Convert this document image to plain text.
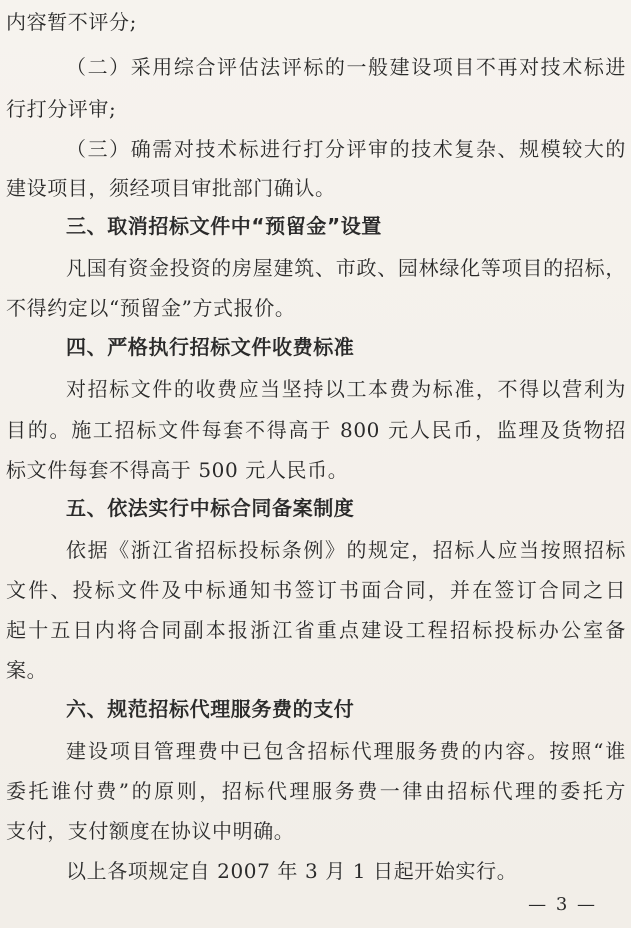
内容暂不评分;
（二）采用综合评估法评标的一般建设项目不再对技术标进
行打分评审;
（三）确需对技术标进行打分评审的技术复杂、规模较大的
建设项目，须经项目审批部门确认。
三、取消招标文件中“预留金”设置
凡国有资金投资的房屋建筑、市政、园林绿化等项目的招标，
不得约定以“预留金”方式报价。
四、严格执行招标文件收费标准
对招标文件的收费应当坚持以工本费为标准，不得以营利为
目的。施工招标文件每套不得高于 800 元人民币，监理及货物招
标文件每套不得高于 500 元人民币。
五、依法实行中标合同备案制度
依据《浙江省招标投标条例》的规定，招标人应当按照招标
文件、投标文件及中标通知书签订书面合同，并在签订合同之日
起十五日内将合同副本报浙江省重点建设工程招标投标办公室备
案。
六、规范招标代理服务费的支付
建设项目管理费中已包含招标代理服务费的内容。按照“谁
委托谁付费”的原则，招标代理服务费一律由招标代理的委托方
支付，支付额度在协议中明确。
以上各项规定自 2007 年 3 月 1 日起开始实行。
— 3 —
